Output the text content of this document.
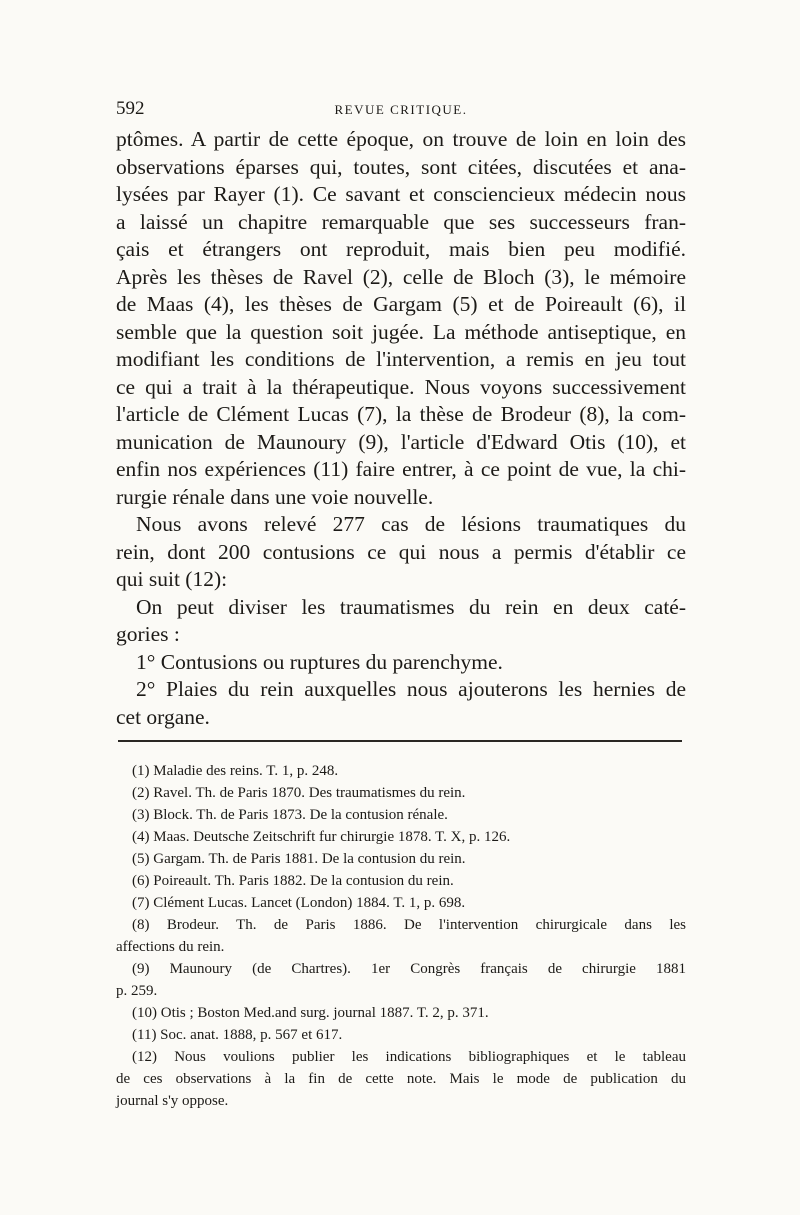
592	REVUE CRITIQUE.
ptômes. A partir de cette époque, on trouve de loin en loin des
observations éparses qui, toutes, sont citées, discutées et ana-
lysées par Rayer (1). Ce savant et consciencieux médecin nous
a laissé un chapitre remarquable que ses successeurs fran-
çais et étrangers ont reproduit, mais bien peu modifié.
Après les thèses de Ravel (2), celle de Bloch (3), le mémoire
de Maas (4), les thèses de Gargam (5) et de Poireault (6), il
semble que la question soit jugée. La méthode antiseptique, en
modifiant les conditions de l'intervention, a remis en jeu tout
ce qui a trait à la thérapeutique. Nous voyons successivement
l'article de Clément Lucas (7), la thèse de Brodeur (8), la com-
munication de Maunoury (9), l'article d'Edward Otis (10), et
enfin nos expériences (11) faire entrer, à ce point de vue, la chi-
rurgie rénale dans une voie nouvelle.
Nous avons relevé 277 cas de lésions traumatiques du
rein, dont 200 contusions ce qui nous a permis d'établir ce
qui suit (12):
On peut diviser les traumatismes du rein en deux caté-
gories :
1° Contusions ou ruptures du parenchyme.
2° Plaies du rein auxquelles nous ajouterons les hernies de
cet organe.
(1) Maladie des reins. T. 1, p. 248.
(2) Ravel. Th. de Paris 1870. Des traumatismes du rein.
(3) Block. Th. de Paris 1873. De la contusion rénale.
(4) Maas. Deutsche Zeitschrift fur chirurgie 1878. T. X, p. 126.
(5) Gargam. Th. de Paris 1881. De la contusion du rein.
(6) Poireault. Th. Paris 1882. De la contusion du rein.
(7) Clément Lucas. Lancet (London) 1884. T. 1, p. 698.
(8) Brodeur. Th. de Paris 1886. De l'intervention chirurgicale dans les
affections du rein.
(9) Maunoury (de Chartres). 1er Congrès français de chirurgie 1881
p. 259.
(10) Otis ; Boston Med.and surg. journal 1887. T. 2, p. 371.
(11) Soc. anat. 1888, p. 567 et 617.
(12) Nous voulions publier les indications bibliographiques et le tableau
de ces observations à la fin de cette note. Mais le mode de publication du
journal s'y oppose.
